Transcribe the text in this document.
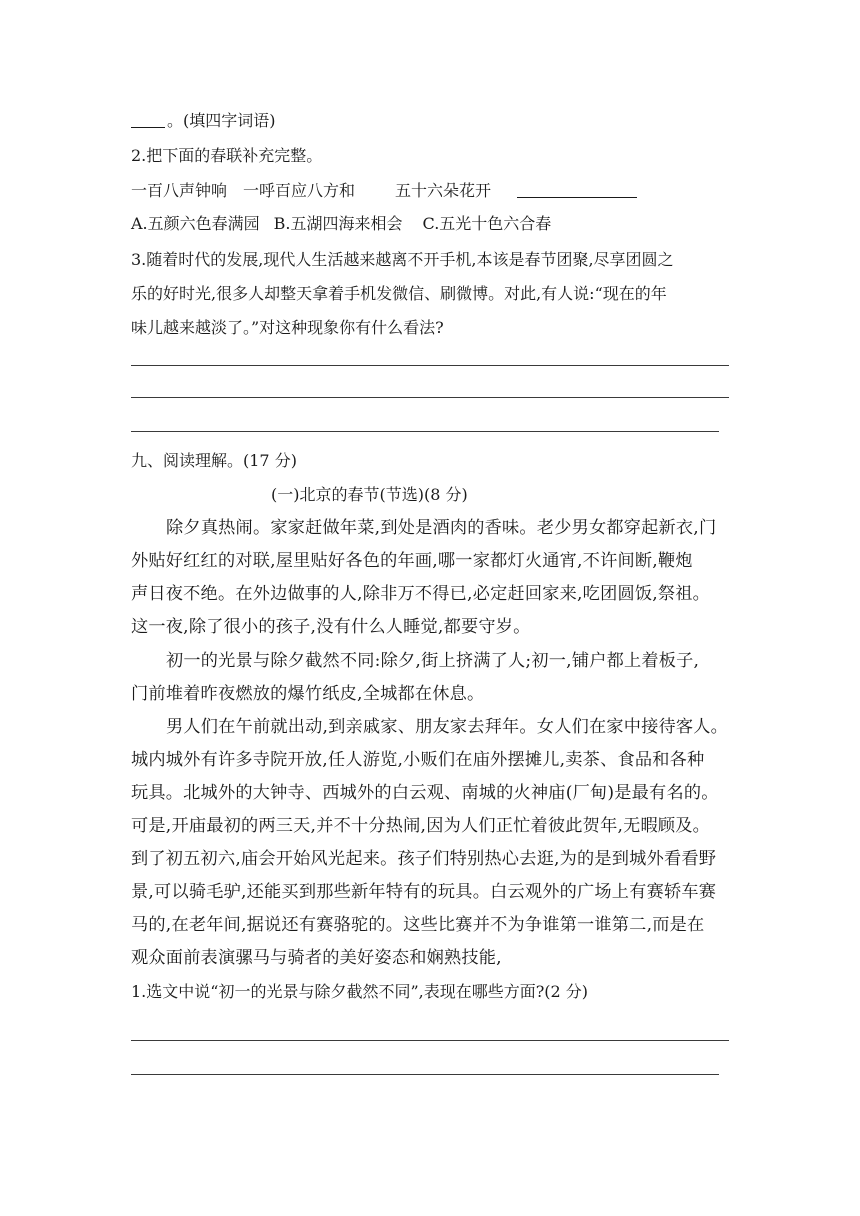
。(填四字词语)
2.把下面的春联补充完整。
一百八声钟响 一呼百应八方和	五十六朵花开
A.五颜六色春满园 B.五湖四海来相会 C.五光十色六合春
3.随着时代的发展,现代人生活越来越离不开手机,本该是春节团聚,尽享团圆之
乐的好时光,很多人却整天拿着手机发微信、刷微博。对此,有人说:“现在的年
味儿越来越淡了。”对这种现象你有什么看法?
九、阅读理解。(17 分)
(一)北京的春节(节选)(8 分)
除夕真热闹。家家赶做年菜,到处是酒肉的香味。老少男女都穿起新衣,门
外贴好红红的对联,屋里贴好各色的年画,哪一家都灯火通宵,不许间断,鞭炮
声日夜不绝。在外边做事的人,除非万不得已,必定赶回家来,吃团圆饭,祭祖。
这一夜,除了很小的孩子,没有什么人睡觉,都要守岁。
初一的光景与除夕截然不同:除夕,街上挤满了人;初一,铺户都上着板子,
门前堆着昨夜燃放的爆竹纸皮,全城都在休息。
男人们在午前就出动,到亲戚家、朋友家去拜年。女人们在家中接待客人。
城内城外有许多寺院开放,任人游览,小贩们在庙外摆摊儿,卖茶、食品和各种
玩具。北城外的大钟寺、西城外的白云观、南城的火神庙(厂甸)是最有名的。
可是,开庙最初的两三天,并不十分热闹,因为人们正忙着彼此贺年,无暇顾及。
到了初五初六,庙会开始风光起来。孩子们特别热心去逛,为的是到城外看看野
景,可以骑毛驴,还能买到那些新年特有的玩具。白云观外的广场上有赛轿车赛
马的,在老年间,据说还有赛骆驼的。这些比赛并不为争谁第一谁第二,而是在
观众面前表演骡马与骑者的美好姿态和娴熟技能,
1.选文中说“初一的光景与除夕截然不同”,表现在哪些方面?(2 分)
